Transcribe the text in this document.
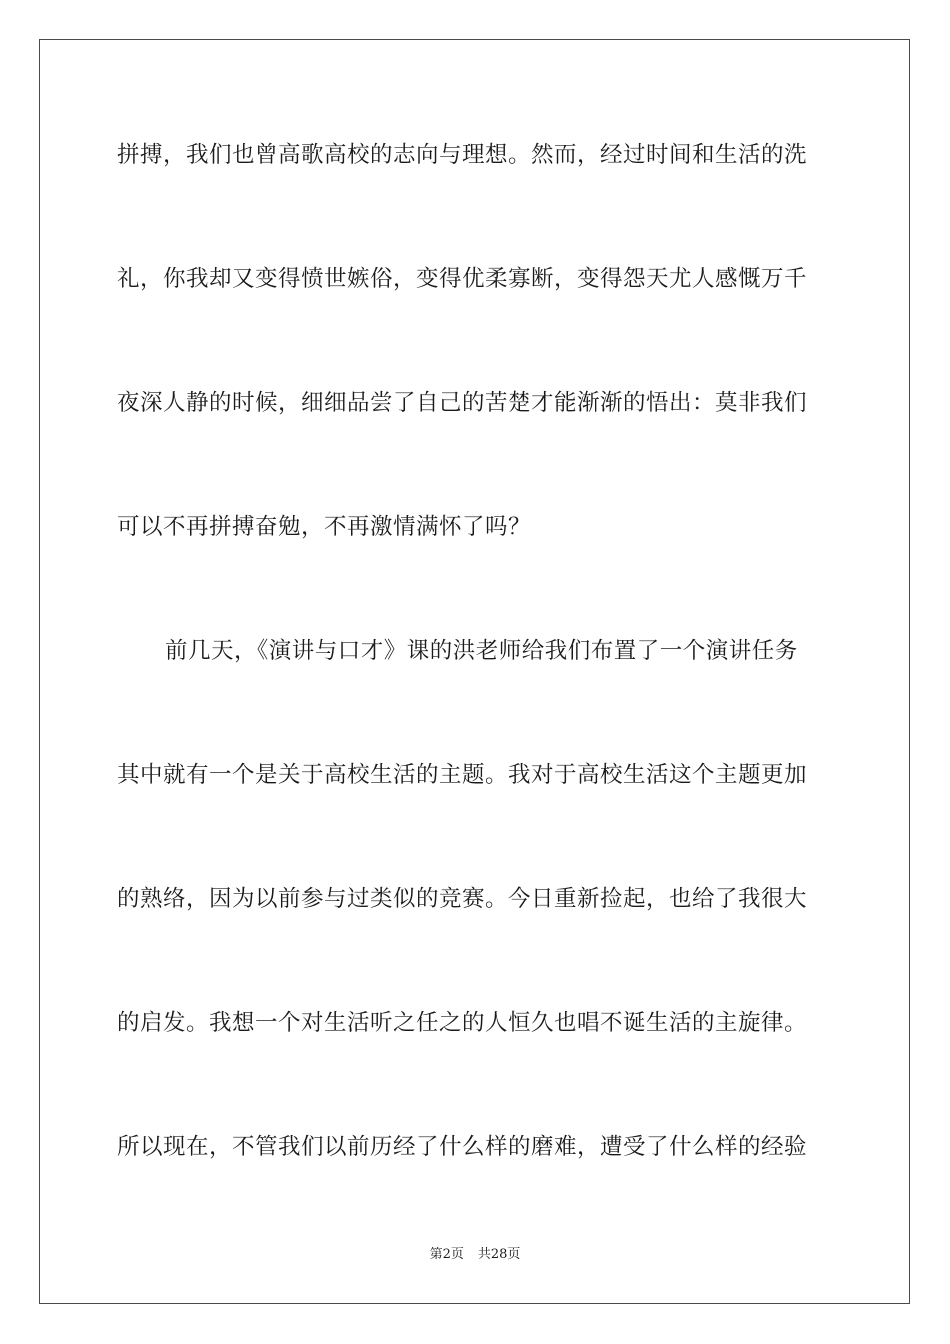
拼搏，我们也曾高歌高校的志向与理想。然而，经过时间和生活的洗

礼，你我却又变得愤世嫉俗，变得优柔寡断，变得怨天尤人感慨万千

夜深人静的时候，细细品尝了自己的苦楚才能渐渐的悟出：莫非我们

可以不再拼搏奋勉，不再激情满怀了吗？

前几天，《演讲与口才》课的洪老师给我们布置了一个演讲任务

其中就有一个是关于高校生活的主题。我对于高校生活这个主题更加

的熟络，因为以前参与过类似的竞赛。今日重新捡起，也给了我很大

的启发。我想一个对生活听之任之的人恒久也唱不诞生活的主旋律。

所以现在，不管我们以前历经了什么样的磨难，遭受了什么样的经验

第2页 共28页
